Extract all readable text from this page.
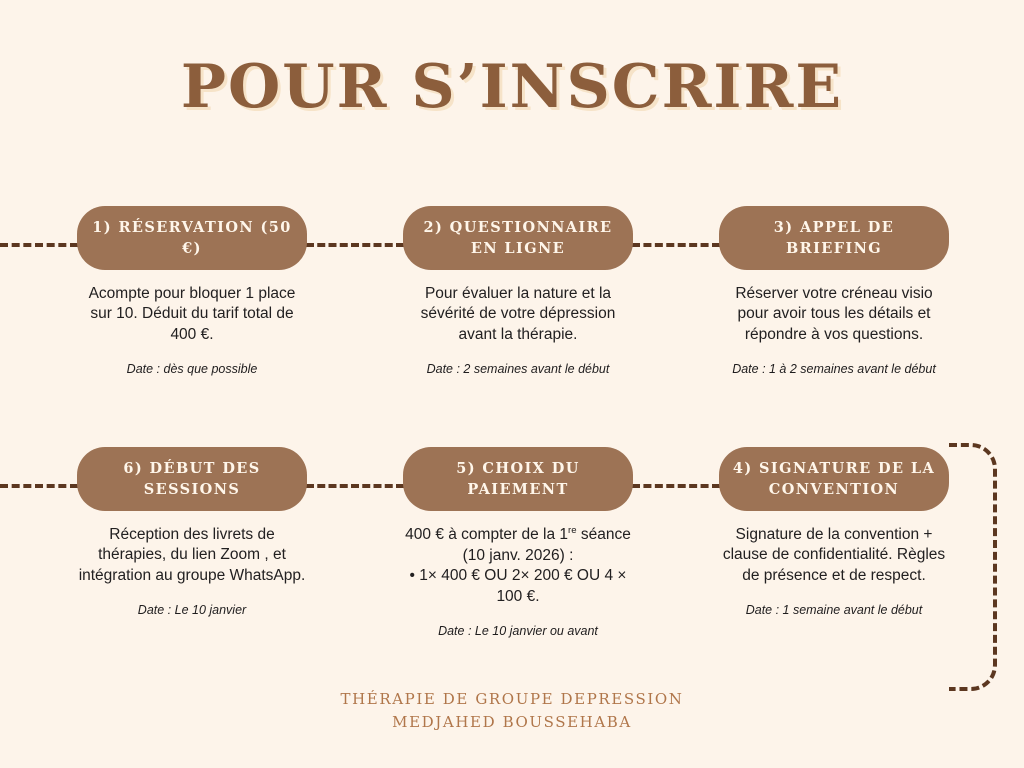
POUR S’INSCRIRE
1) RÉSERVATION (50 €)
Acompte pour bloquer 1 place sur 10. Déduit du tarif total de 400 €.
Date : dès que possible
2) QUESTIONNAIRE EN LIGNE
Pour évaluer la nature et la sévérité de votre dépression avant la thérapie.
Date : 2 semaines avant le début
3) APPEL DE BRIEFING
Réserver votre créneau visio pour avoir tous les détails et répondre à vos questions.
Date : 1 à 2 semaines avant le début
6) DÉBUT DES SESSIONS
Réception des livrets de thérapies, du lien Zoom , et intégration au groupe WhatsApp.
Date : Le 10 janvier
5) CHOIX DU PAIEMENT
400 € à compter de la 1re séance (10 janv. 2026) :
• 1× 400 € OU 2× 200 € OU 4 × 100 €.
Date : Le 10 janvier ou avant
4) SIGNATURE DE LA CONVENTION
Signature de la convention + clause de confidentialité. Règles de présence et de respect.
Date : 1 semaine avant le début
THÉRAPIE DE GROUPE DEPRESSION
MEDJAHED BOUSSEHABA
